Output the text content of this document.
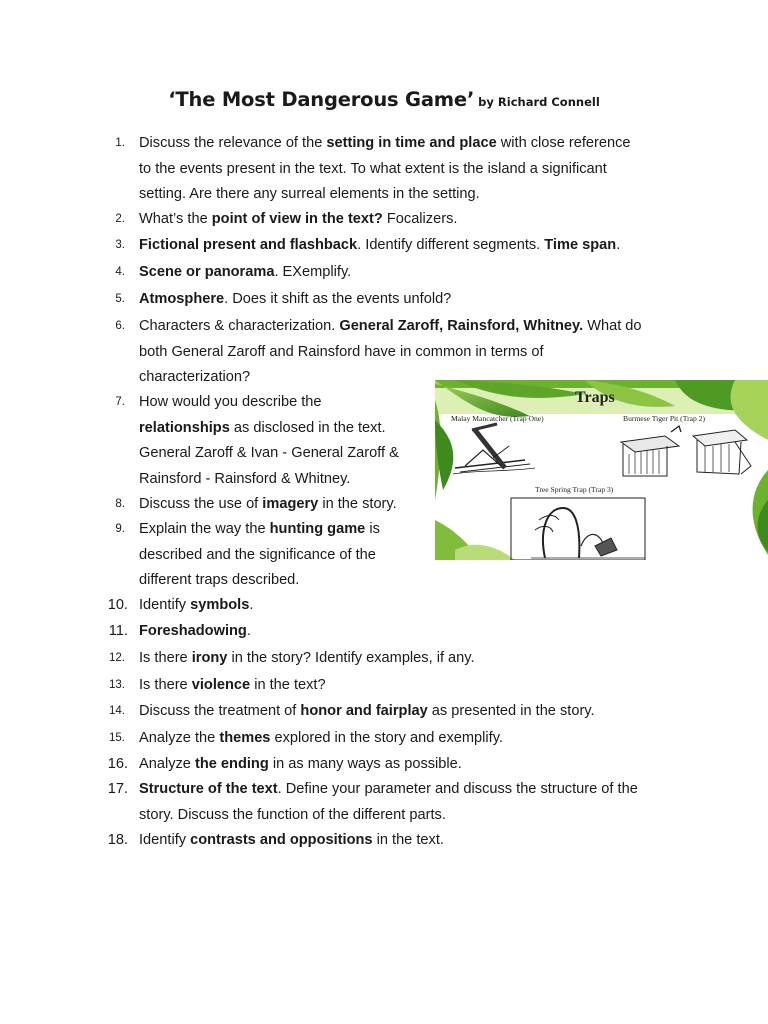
‘The Most Dangerous Game’ by Richard Connell
1. Discuss the relevance of the setting in time and place with close reference
to the events present in the text. To what extent is the island a significant
setting. Are there any surreal elements in the setting.
2. What’s the point of view in the text? Focalizers.
3. Fictional present and flashback. Identify different segments. Time span.
4. Scene or panorama. EXemplify.
5. Atmosphere. Does it shift as the events unfold?
6. Characters & characterization. General Zaroff, Rainsford, Whitney. What do
both General Zaroff and Rainsford have in common in terms of
characterization?
7. How would you describe the
relationships as disclosed in the text.
General Zaroff & Ivan - General Zaroff &
Rainsford - Rainsford & Whitney.
8. Discuss the use of imagery in the story.
9. Explain the way the hunting game is
described and the significance of the
different traps described.
10. Identify symbols.
11. Foreshadowing.
12. Is there irony in the story? Identify examples, if any.
13. Is there violence in the text?
14. Discuss the treatment of honor and fairplay as presented in the story.
15. Analyze the themes explored in the story and exemplify.
16. Analyze the ending in as many ways as possible.
17. Structure of the text. Define your parameter and discuss the structure of the
story. Discuss the function of the different parts.
18. Identify contrasts and oppositions in the text.
Traps
Malay Mancatcher (Trap One)	Burmese Tiger Pit (Trap 2)
Tree Spring Trap (Trap 3)
